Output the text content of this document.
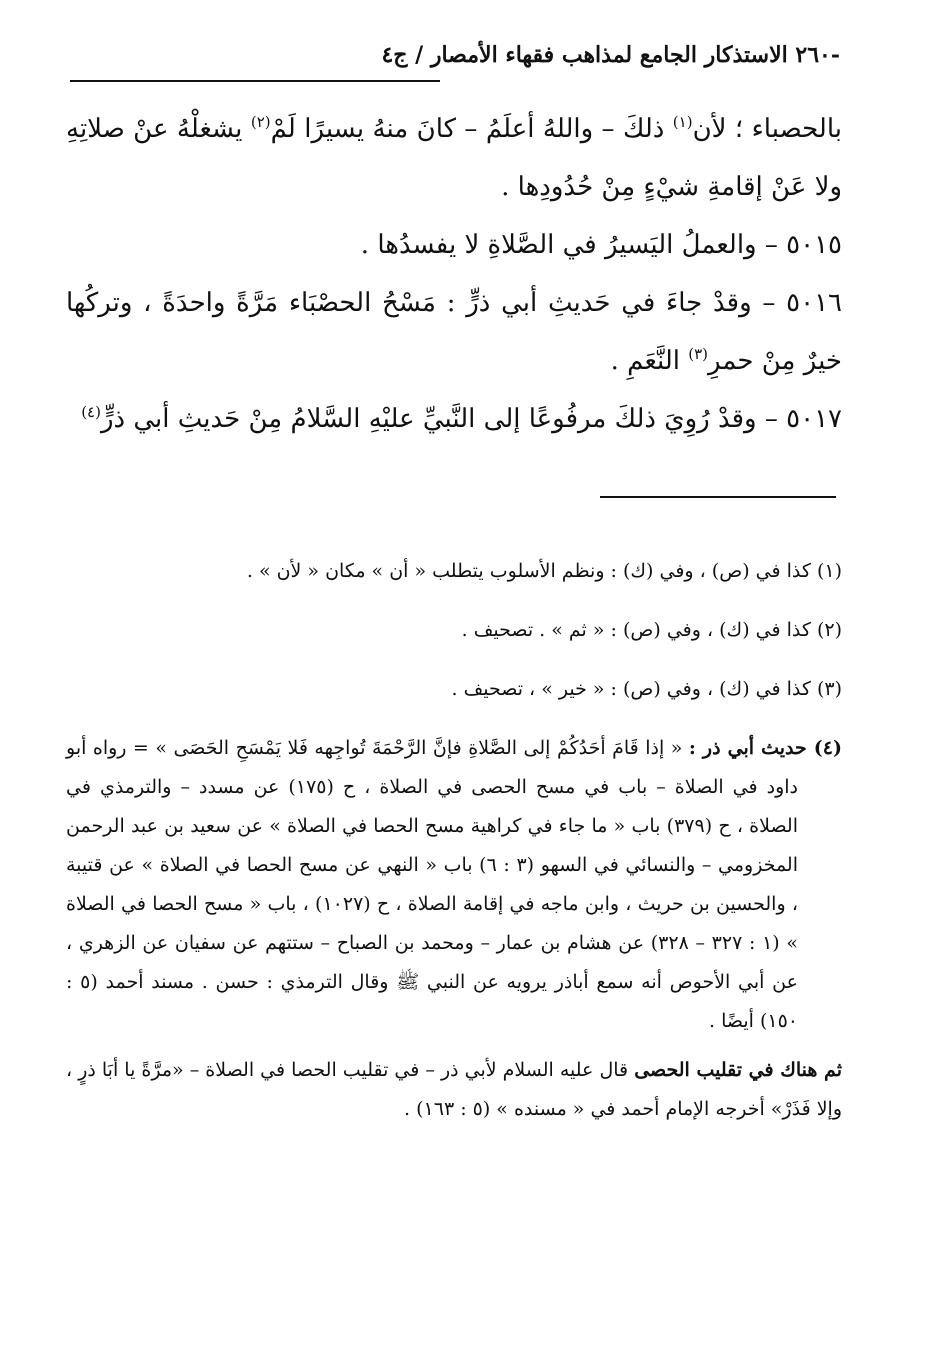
-٢٦٠ الاستذكار الجامع لمذاهب فقهاء الأمصار / ج٤

بالحصباء ؛ لأن$^{(١)}$ ذلكَ – واللهُ أعلَمُ – كانَ منهُ يسيرًا لَمْ$^{(٢)}$ يشغلْهُ عنْ صلاتِهِ ولا عَنْ إقامةِ شيْءٍ مِنْ حُدُودِها .

٥٠١٥ – والعملُ اليَسيرُ في الصَّلاةِ لا يفسدُها .

٥٠١٦ – وقدْ جاءَ في حَديثِ أبي ذرٍّ : مَسْحُ الحصْبَاء مَرَّةً واحدَةً ، وتركُها خيرٌ مِنْ حمرِ$^{(٣)}$ النَّعَمِ .

٥٠١٧ – وقدْ رُوِيَ ذلكَ مرفُوعًا إلى النَّبيِّ عليْهِ السَّلامُ مِنْ حَديثِ أبي ذرٍّ$^{(٤)}$

(١) كذا في (ص) ، وفي (ك) : ونظم الأسلوب يتطلب « أن » مكان « لأن » .

(٢) كذا في (ك) ، وفي (ص) : « ثم » . تصحيف .

(٣) كذا في (ك) ، وفي (ص) : « خير » ، تصحيف .

(٤) حديث أبي ذر : « إذا قَامَ أحَدُكُمْ إلى الصَّلاةِ فإنَّ الرَّحْمَةَ تُواجِهه فَلا يَمْسَحِ الحَصَى » = رواه أبو داود في الصلاة – باب في مسح الحصى في الصلاة ، ح (١٧٥) عن مسدد – والترمذي في الصلاة ، ح (٣٧٩) باب « ما جاء في كراهية مسح الحصا في الصلاة » عن سعيد بن عبد الرحمن المخزومي – والنسائي في السهو (٣ : ٦) باب « النهي عن مسح الحصا في الصلاة » عن قتيبة ، والحسين بن حريث ، وابن ماجه في إقامة الصلاة ، ح (١٠٢٧) ، باب « مسح الحصا في الصلاة » (١ : ٣٢٧ – ٣٢٨) عن هشام بن عمار – ومحمد بن الصباح – ستتهم عن سفيان عن الزهري ، عن أبي الأحوص أنه سمع أباذر يرويه عن النبي ﷺ وقال الترمذي : حسن . مسند أحمد (٥ : ١٥٠) أيضًا .

ثم هناك في تقليب الحصى قال عليه السلام لأبي ذر – في تقليب الحصا في الصلاة – «مرَّةً يا أبَا ذرٍ ، وإلا فَذَرْ» أخرجه الإمام أحمد في « مسنده » (٥ : ١٦٣) .
